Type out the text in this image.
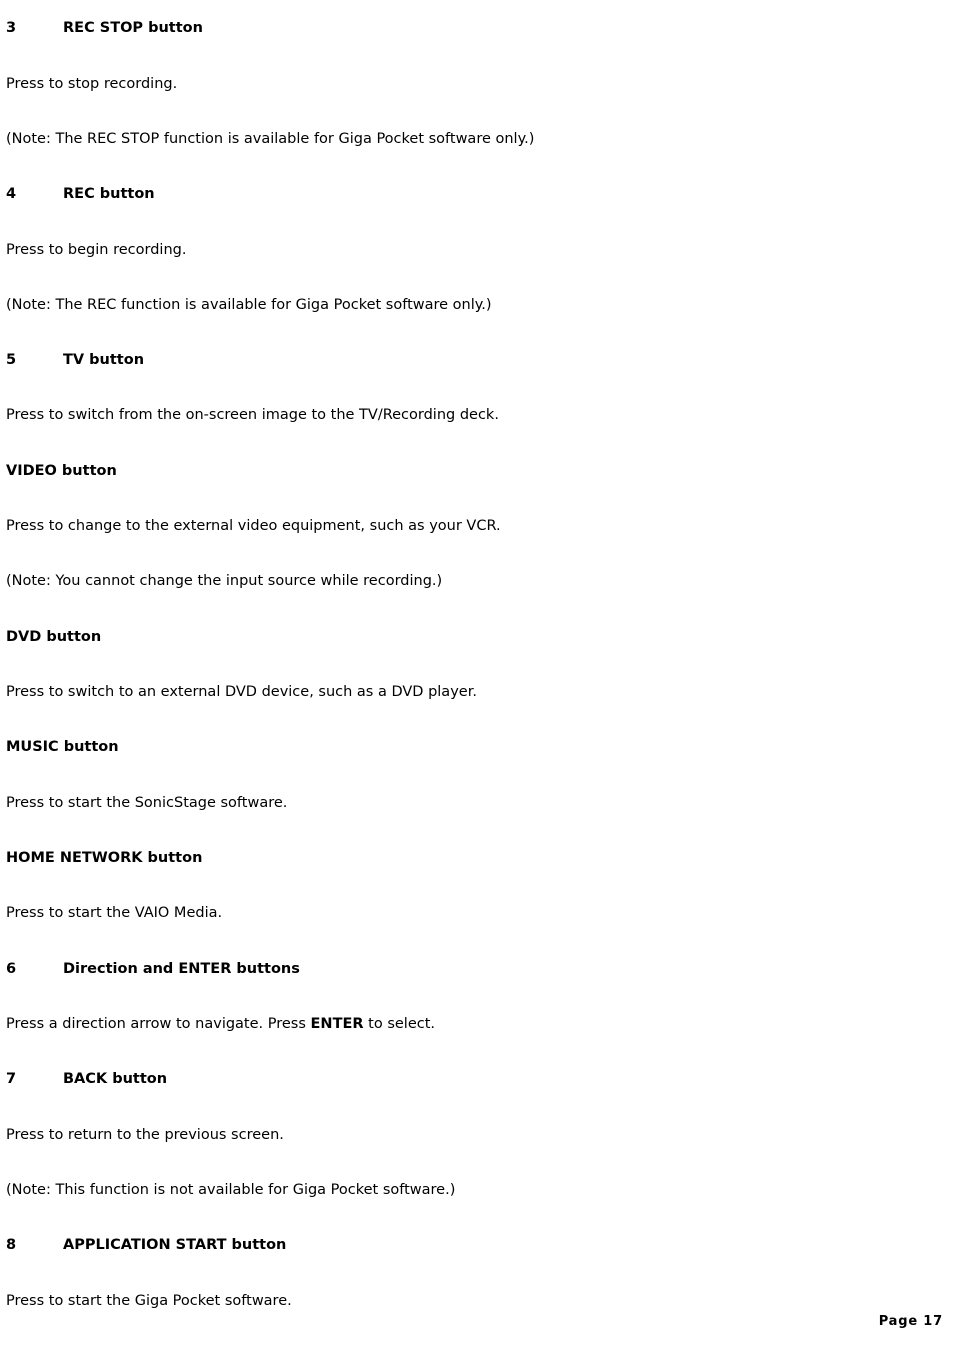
3	REC STOP button
Press to stop recording.
(Note: The REC STOP function is available for Giga Pocket software only.)
4	REC button
Press to begin recording.
(Note: The REC function is available for Giga Pocket software only.)
5	TV button
Press to switch from the on-screen image to the TV/Recording deck.
VIDEO button
Press to change to the external video equipment, such as your VCR.
(Note: You cannot change the input source while recording.)
DVD button
Press to switch to an external DVD device, such as a DVD player.
MUSIC button
Press to start the SonicStage software.
HOME NETWORK button
Press to start the VAIO Media.
6	Direction and ENTER buttons
Press a direction arrow to navigate. Press ENTER to select.
7	BACK button
Press to return to the previous screen.
(Note: This function is not available for Giga Pocket software.)
8	APPLICATION START button
Press to start the Giga Pocket software.
Page 17
